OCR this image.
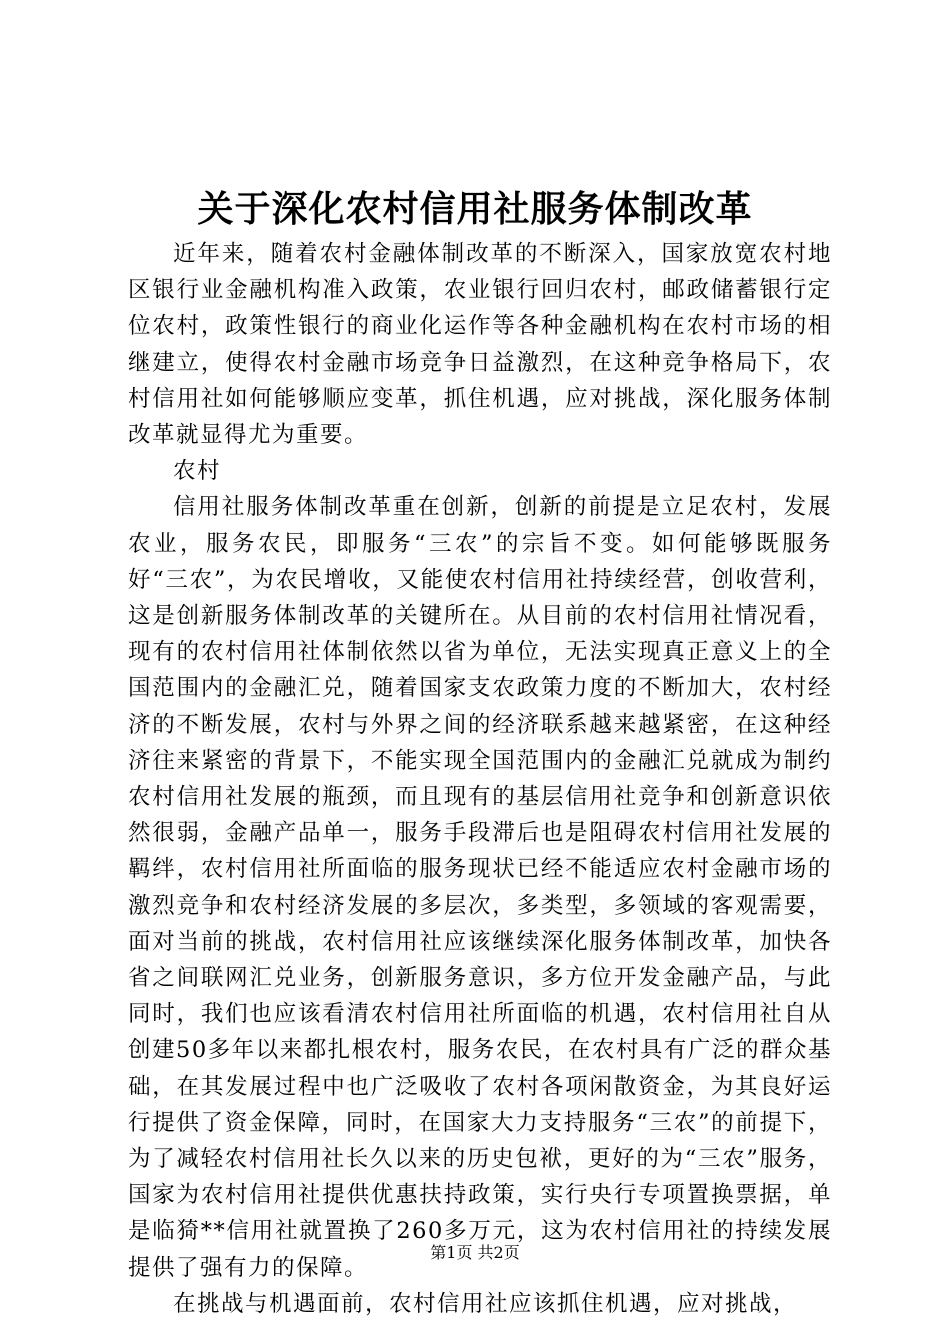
关于深化农村信用社服务体制改革

近年来，随着农村金融体制改革的不断深入，国家放宽农村地区银行业金融机构准入政策，农业银行回归农村，邮政储蓄银行定位农村，政策性银行的商业化运作等各种金融机构在农村市场的相继建立，使得农村金融市场竞争日益激烈，在这种竞争格局下，农村信用社如何能够顺应变革，抓住机遇，应对挑战，深化服务体制改革就显得尤为重要。

农村

信用社服务体制改革重在创新，创新的前提是立足农村，发展农业，服务农民，即服务“三农”的宗旨不变。如何能够既服务好“三农”，为农民增收，又能使农村信用社持续经营，创收营利，这是创新服务体制改革的关键所在。从目前的农村信用社情况看，现有的农村信用社体制依然以省为单位，无法实现真正意义上的全国范围内的金融汇兑，随着国家支农政策力度的不断加大，农村经济的不断发展，农村与外界之间的经济联系越来越紧密，在这种经济往来紧密的背景下，不能实现全国范围内的金融汇兑就成为制约农村信用社发展的瓶颈，而且现有的基层信用社竞争和创新意识依然很弱，金融产品单一，服务手段滞后也是阻碍农村信用社发展的羁绊，农村信用社所面临的服务现状已经不能适应农村金融市场的激烈竞争和农村经济发展的多层次，多类型，多领域的客观需要，面对当前的挑战，农村信用社应该继续深化服务体制改革，加快各省之间联网汇兑业务，创新服务意识，多方位开发金融产品，与此同时，我们也应该看清农村信用社所面临的机遇，农村信用社自从创建50多年以来都扎根农村，服务农民，在农村具有广泛的群众基础，在其发展过程中也广泛吸收了农村各项闲散资金，为其良好运行提供了资金保障，同时，在国家大力支持服务“三农”的前提下，为了减轻农村信用社长久以来的历史包袱，更好的为“三农”服务，国家为农村信用社提供优惠扶持政策，实行央行专项置换票据，单是临猗**信用社就置换了260多万元，这为农村信用社的持续发展提供了强有力的保障。

在挑战与机遇面前，农村信用社应该抓住机遇，应对挑战，

第1页 共2页
